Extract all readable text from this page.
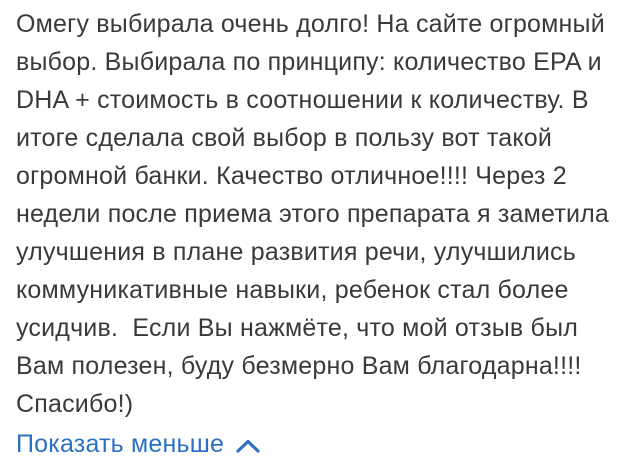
Омегу выбирала очень долго! На сайте огромный
выбор. Выбирала по принципу: количество EPA и
DHA + стоимость в соотношении к количеству. В
итоге сделала свой выбор в пользу вот такой
огромной банки. Качество отличное!!!! Через 2
недели после приема этого препарата я заметила
улучшения в плане развития речи, улучшились
коммуникативные навыки, ребенок стал более
усидчив.  Если Вы нажмёте, что мой отзыв был
Вам полезен, буду безмерно Вам благодарна!!!!
Спасибо!)
Показать меньше
